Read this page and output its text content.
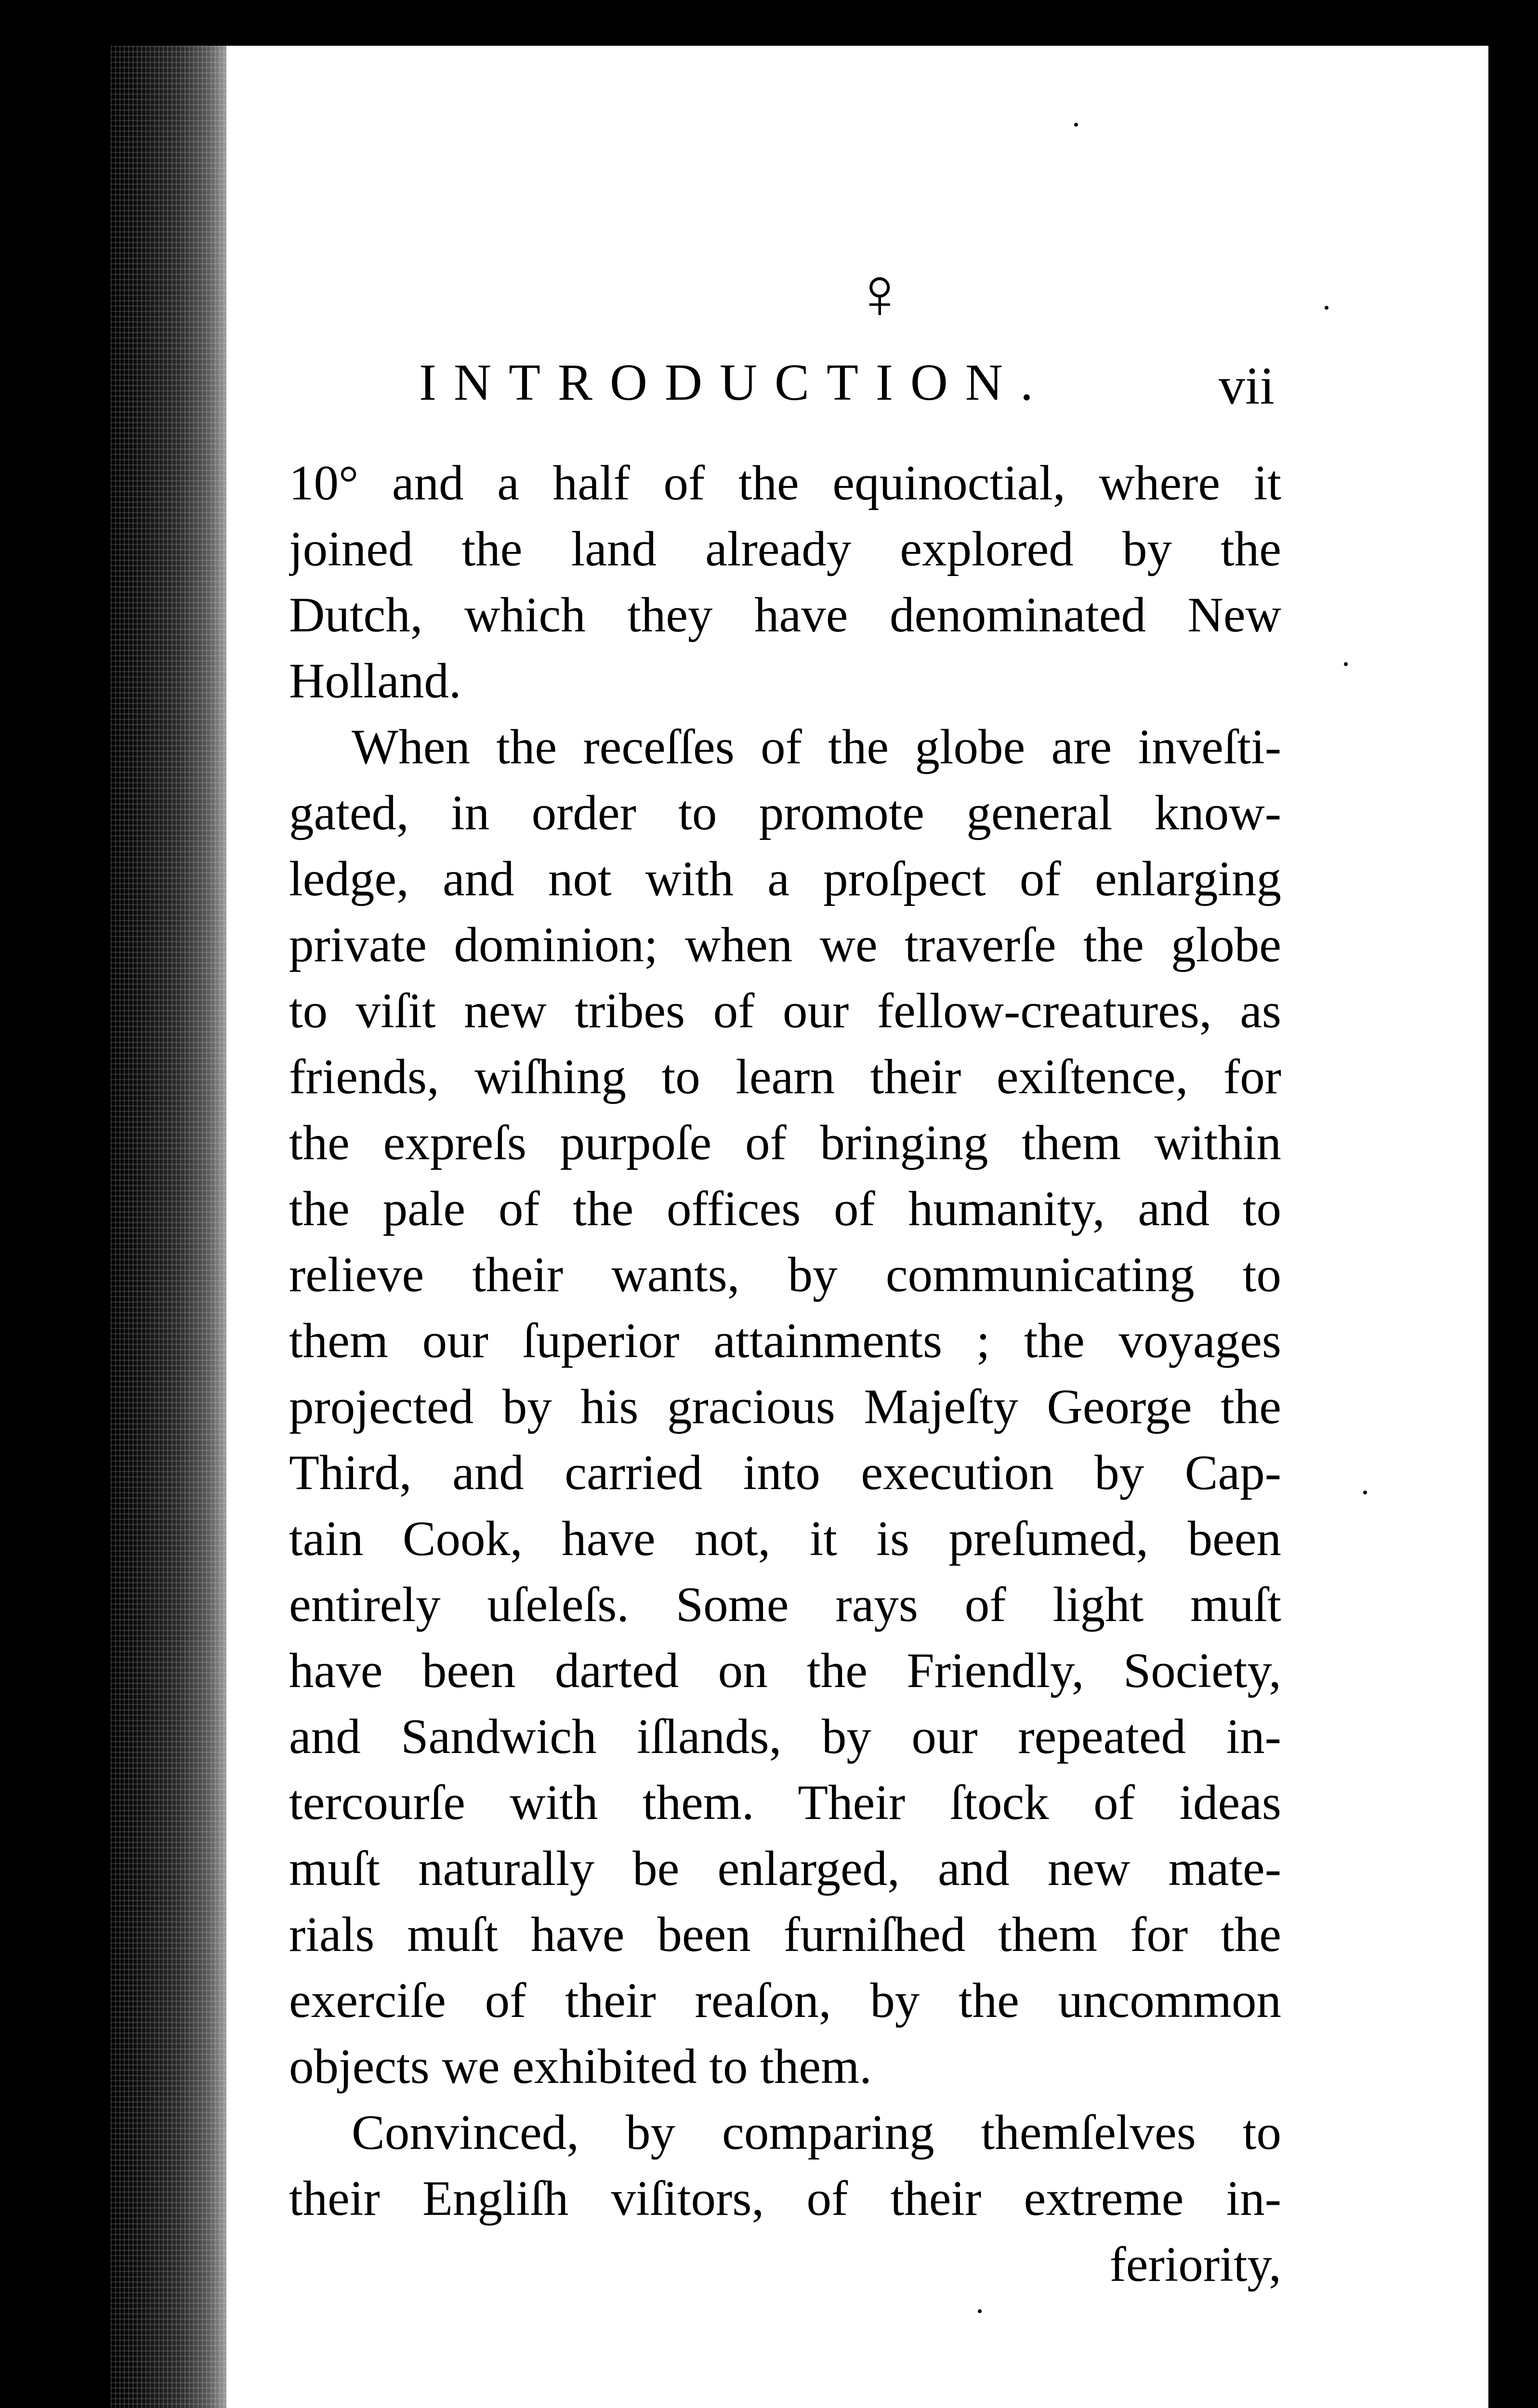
♀
INTRODUCTION.	vii
10° and a half of the equinoctial, where it
joined the land already explored by the
Dutch, which they have denominated New
Holland.
When the receſſes of the globe are inveſti-
gated, in order to promote general know-
ledge, and not with a proſpect of enlarging
private dominion; when we traverſe the globe
to viſit new tribes of our fellow-creatures, as
friends, wiſhing to learn their exiſtence, for
the expreſs purpoſe of bringing them within
the pale of the offices of humanity, and to
relieve their wants, by communicating to
them our ſuperior attainments ; the voyages
projected by his gracious Majeſty George the
Third, and carried into execution by Cap-
tain Cook, have not, it is preſumed, been
entirely uſeleſs. Some rays of light muſt
have been darted on the Friendly, Society,
and Sandwich iſlands, by our repeated in-
tercourſe with them. Their ſtock of ideas
muſt naturally be enlarged, and new mate-
rials muſt have been furniſhed them for the
exerciſe of their reaſon, by the uncommon
objects we exhibited to them.
Convinced, by comparing themſelves to
their Engliſh viſitors, of their extreme in-
feriority,
